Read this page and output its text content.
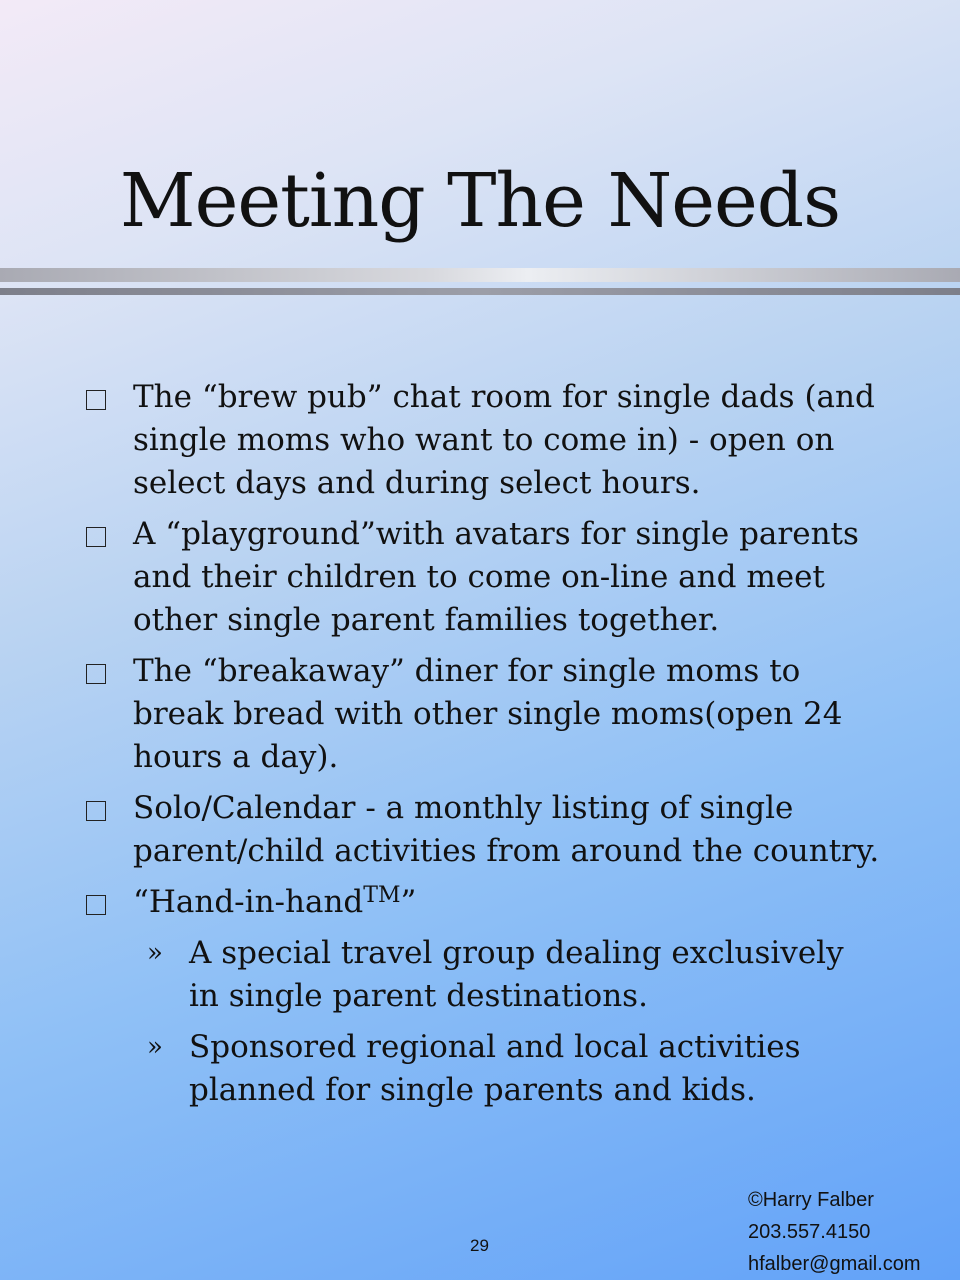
Meeting The Needs
The “brew pub” chat room for single dads (and single moms who want to come in) - open on select days and during select hours.
A “playground”with avatars for single parents and their children to come on-line and meet other single parent families together.
The “breakaway” diner for single moms to break bread with other single moms(open 24 hours a day).
Solo/Calendar - a monthly listing of single parent/child activities from around the country.
“Hand-in-hand™”
» A special travel group dealing exclusively in single parent destinations.
» Sponsored regional and local activities planned for single parents and kids.
29
©Harry Falber
203.557.4150
hfalber@gmail.com
